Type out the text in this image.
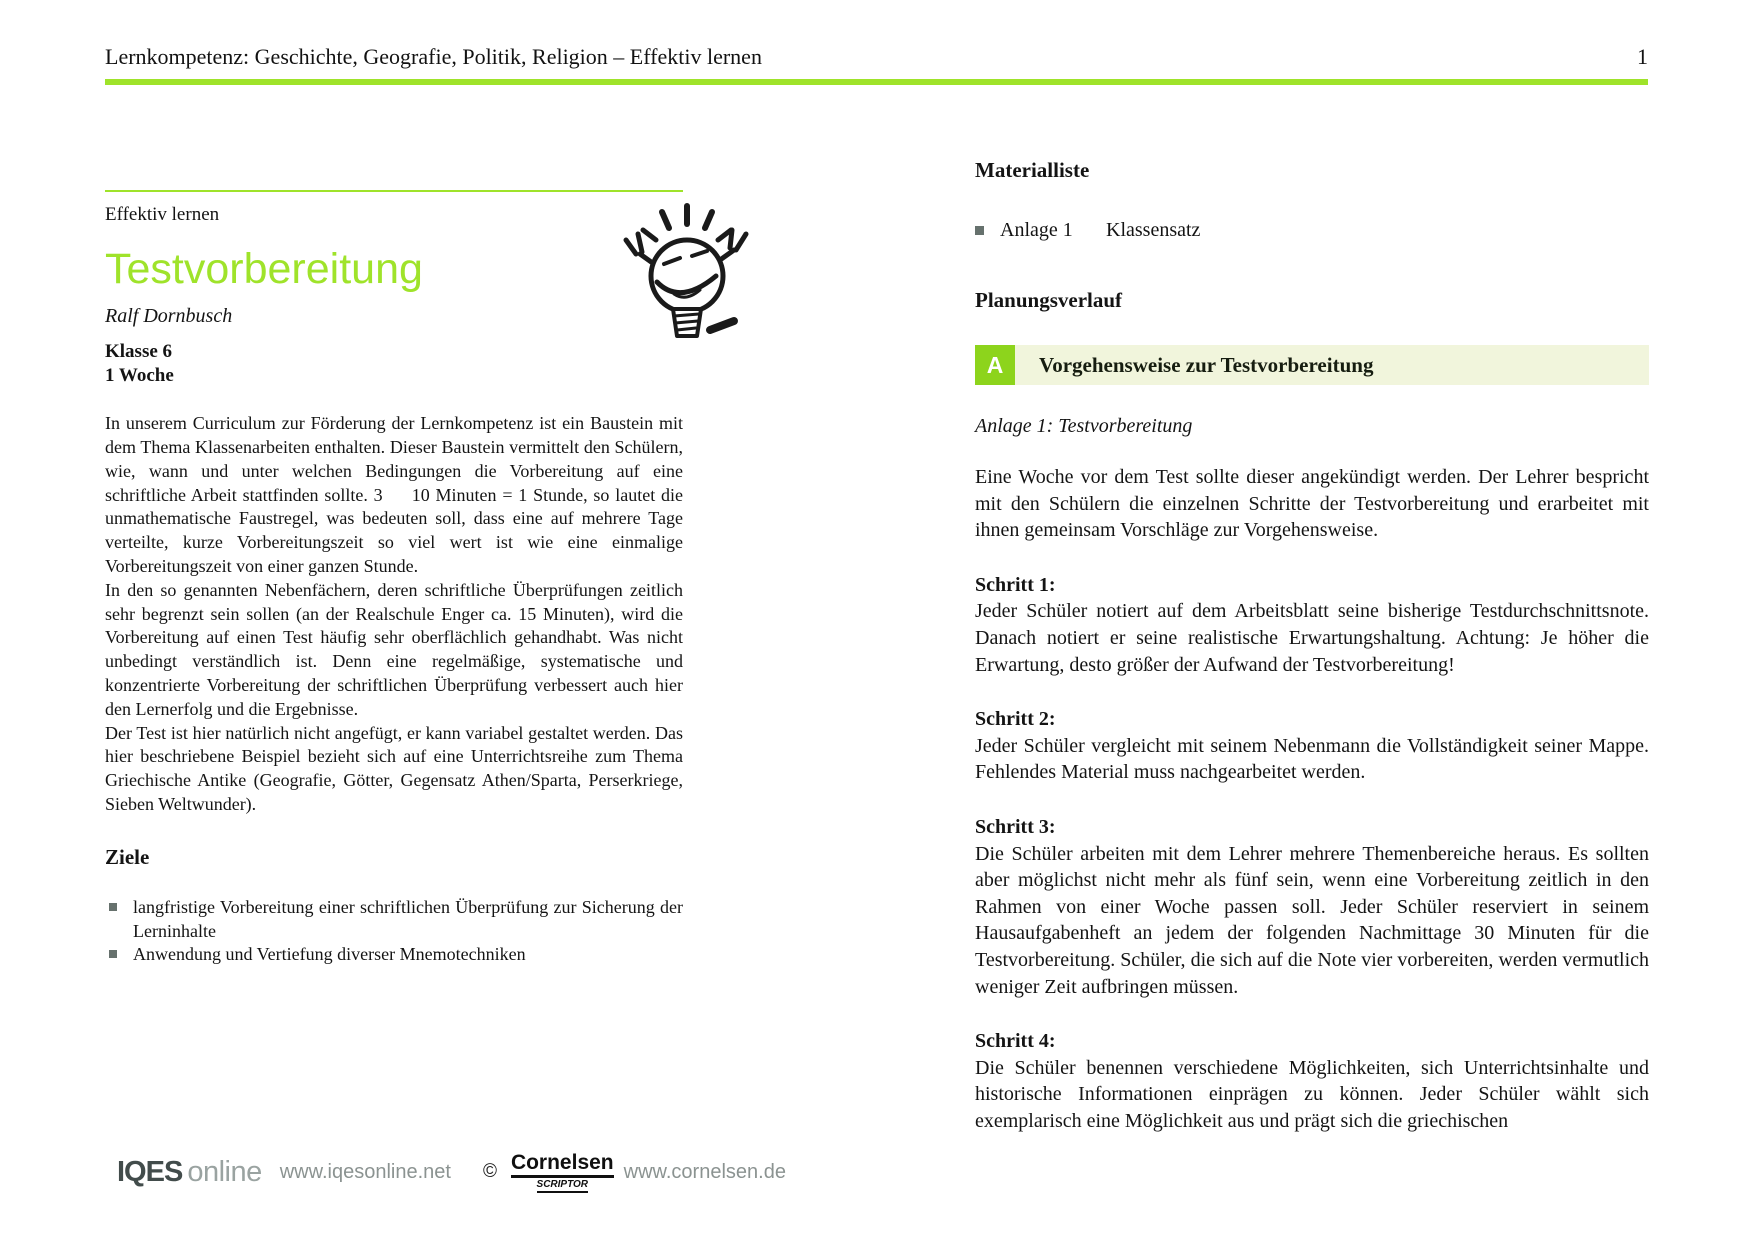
Lernkompetenz: Geschichte, Geografie, Politik, Religion – Effektiv lernen	1
Effektiv lernen
Testvorbereitung
Ralf Dornbusch
Klasse 6
1 Woche

In unserem Curriculum zur Förderung der Lernkompetenz ist ein Baustein mit dem Thema Klassenarbeiten enthalten. Dieser Baustein vermittelt den Schülern, wie, wann und unter welchen Bedingungen die Vorbereitung auf eine schriftliche Arbeit stattfinden sollte. 3     10 Minuten = 1 Stunde, so lautet die unmathematische Faustregel, was bedeuten soll, dass eine auf mehrere Tage verteilte, kurze Vorbereitungszeit so viel wert ist wie eine einmalige Vorbereitungszeit von einer ganzen Stunde.

In den so genannten Nebenfächern, deren schriftliche Überprüfungen zeitlich sehr begrenzt sein sollen (an der Realschule Enger ca. 15 Minuten), wird die Vorbereitung auf einen Test häufig sehr oberflächlich gehandhabt. Was nicht unbedingt verständlich ist. Denn eine regelmäßige, systematische und konzentrierte Vorbereitung der schriftlichen Überprüfung verbessert auch hier den Lernerfolg und die Ergebnisse.

Der Test ist hier natürlich nicht angefügt, er kann variabel gestaltet werden. Das hier beschriebene Beispiel bezieht sich auf eine Unterrichtsreihe zum Thema Griechische Antike (Geografie, Götter, Gegensatz Athen/Sparta, Perserkriege, Sieben Weltwunder).

Ziele
langfristige Vorbereitung einer schriftlichen Überprüfung zur Sicherung der Lerninhalte
Anwendung und Vertiefung diverser Mnemotechniken
Materialliste
Anlage 1	Klassensatz
Planungsverlauf
A	Vorgehensweise zur Testvorbereitung
Anlage 1: Testvorbereitung
Eine Woche vor dem Test sollte dieser angekündigt werden. Der Lehrer bespricht mit den Schülern die einzelnen Schritte der Testvorbereitung und erarbeitet mit ihnen gemeinsam Vorschläge zur Vorgehensweise.
Schritt 1:
Jeder Schüler notiert auf dem Arbeitsblatt seine bisherige Testdurchschnittsnote. Danach notiert er seine realistische Erwartungshaltung. Achtung: Je höher die Erwartung, desto größer der Aufwand der Testvorbereitung!
Schritt 2:
Jeder Schüler vergleicht mit seinem Nebenmann die Vollständigkeit seiner Mappe. Fehlendes Material muss nachgearbeitet werden.
Schritt 3:
Die Schüler arbeiten mit dem Lehrer mehrere Themenbereiche heraus. Es sollten aber möglichst nicht mehr als fünf sein, wenn eine Vorbereitung zeitlich in den Rahmen von einer Woche passen soll. Jeder Schüler reserviert in seinem Hausaufgabenheft an jedem der folgenden Nachmittage 30 Minuten für die Testvorbereitung. Schüler, die sich auf die Note vier vorbereiten, werden vermutlich weniger Zeit aufbringen müssen.
Schritt 4:
Die Schüler benennen verschiedene Möglichkeiten, sich Unterrichtsinhalte und historische Informationen einprägen zu können. Jeder Schüler wählt sich exemplarisch eine Möglichkeit aus und prägt sich die griechischen
IQES online www.iqesonline.net © Cornelsen
SCRIPTOR
www.cornelsen.de
